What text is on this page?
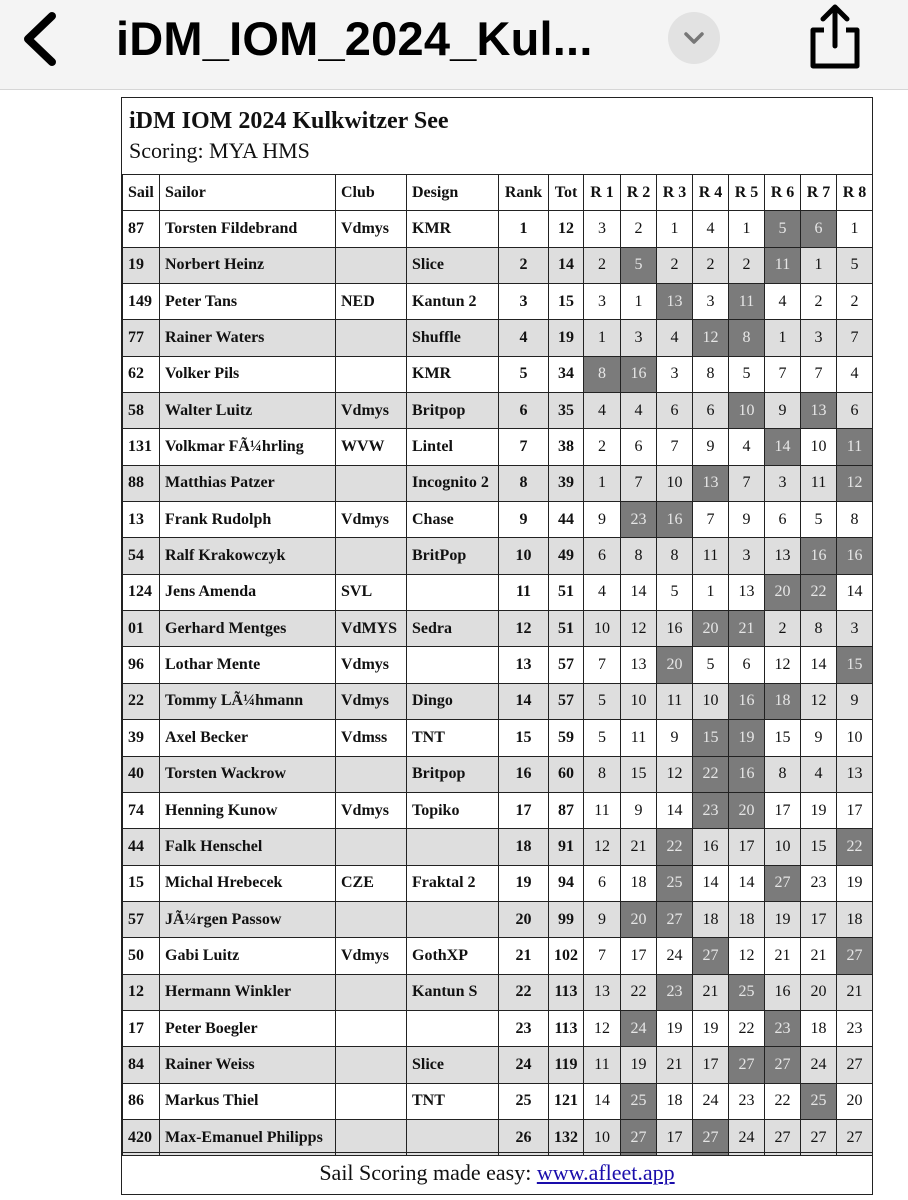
iDM_IOM_2024_Kul...
iDM IOM 2024 Kulkwitzer See
Scoring: MYA HMS
Sail	Sailor	Club	Design	Rank	Tot	R 1	R 2	R 3	R 4	R 5	R 6	R 7	R 8
87	Torsten Fildebrand	Vdmys	KMR	1	12	3	2	1	4	1	5	6	1
19	Norbert Heinz		Slice	2	14	2	5	2	2	2	11	1	5
149	Peter Tans	NED	Kantun 2	3	15	3	1	13	3	11	4	2	2
77	Rainer Waters		Shuffle	4	19	1	3	4	12	8	1	3	7
62	Volker Pils		KMR	5	34	8	16	3	8	5	7	7	4
58	Walter Luitz	Vdmys	Britpop	6	35	4	4	6	6	10	9	13	6
131	Volkmar FÃ¼hrling	WVW	Lintel	7	38	2	6	7	9	4	14	10	11
88	Matthias Patzer		Incognito 2	8	39	1	7	10	13	7	3	11	12
13	Frank Rudolph	Vdmys	Chase	9	44	9	23	16	7	9	6	5	8
54	Ralf Krakowczyk		BritPop	10	49	6	8	8	11	3	13	16	16
124	Jens Amenda	SVL		11	51	4	14	5	1	13	20	22	14
01	Gerhard Mentges	VdMYS	Sedra	12	51	10	12	16	20	21	2	8	3
96	Lothar Mente	Vdmys		13	57	7	13	20	5	6	12	14	15
22	Tommy LÃ¼hmann	Vdmys	Dingo	14	57	5	10	11	10	16	18	12	9
39	Axel Becker	Vdmss	TNT	15	59	5	11	9	15	19	15	9	10
40	Torsten Wackrow		Britpop	16	60	8	15	12	22	16	8	4	13
74	Henning Kunow	Vdmys	Topiko	17	87	11	9	14	23	20	17	19	17
44	Falk Henschel			18	91	12	21	22	16	17	10	15	22
15	Michal Hrebecek	CZE	Fraktal 2	19	94	6	18	25	14	14	27	23	19
57	JÃ¼rgen Passow			20	99	9	20	27	18	18	19	17	18
50	Gabi Luitz	Vdmys	GothXP	21	102	7	17	24	27	12	21	21	27
12	Hermann Winkler		Kantun S	22	113	13	22	23	21	25	16	20	21
17	Peter Boegler			23	113	12	24	19	19	22	23	18	23
84	Rainer Weiss		Slice	24	119	11	19	21	17	27	27	24	27
86	Markus Thiel		TNT	25	121	14	25	18	24	23	22	25	20
420	Max-Emanuel Philipps			26	132	10	27	17	27	24	27	27	27
Sail Scoring made easy: www.afleet.app
